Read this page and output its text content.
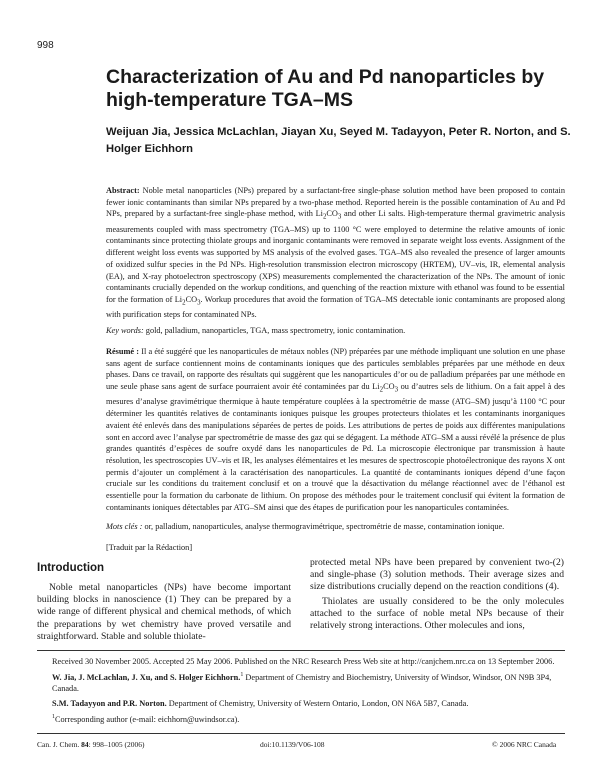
998
Characterization of Au and Pd nanoparticles by high-temperature TGA–MS

Weijuan Jia, Jessica McLachlan, Jiayan Xu, Seyed M. Tadayyon, Peter R. Norton, and S. Holger Eichhorn

Abstract: Noble metal nanoparticles (NPs) prepared by a surfactant-free single-phase solution method have been proposed to contain fewer ionic contaminants than similar NPs prepared by a two-phase method. Reported herein is the possible contamination of Au and Pd NPs, prepared by a surfactant-free single-phase method, with $Li_2CO_3$ and other Li salts. High-temperature thermal gravimetric analysis measurements coupled with mass spectrometry (TGA–MS) up to 1100 °C were employed to determine the relative amounts of ionic contaminants since protecting thiolate groups and inorganic contaminants were removed in separate weight loss events. Assignment of the different weight loss events was supported by MS analysis of the evolved gases. TGA–MS also revealed the presence of larger amounts of oxidized sulfur species in the Pd NPs. High-resolution transmission electron microscopy (HRTEM), UV–vis, IR, elemental analysis (EA), and X-ray photoelectron spectroscopy (XPS) measurements complemented the characterization of the NPs. The amount of ionic contaminants crucially depended on the workup conditions, and quenching of the reaction mixture with ethanol was found to be essential for the formation of $Li_2CO_3$. Workup procedures that avoid the formation of TGA–MS detectable ionic contaminants are proposed along with purification steps for contaminated NPs.

Key words: gold, palladium, nanoparticles, TGA, mass spectrometry, ionic contamination.

Résumé : Il a été suggéré que les nanoparticules de métaux nobles (NP) préparées par une méthode impliquant une solution en une phase sans agent de surface contiennent moins de contaminants ioniques que des particules semblables préparées par une méthode en deux phases. Dans ce travail, on rapporte des résultats qui suggèrent que les nanoparticules d’or ou de palladium préparées par une méthode en une seule phase sans agent de surface pourraient avoir été contaminées par du $Li_2CO_3$ ou d’autres sels de lithium. On a fait appel à des mesures d’analyse gravimétrique thermique à haute température couplées à la spectrométrie de masse (ATG–SM) jusqu’à 1100 °C pour déterminer les quantités relatives de contaminants ioniques puisque les groupes protecteurs thiolates et les contaminants inorganiques avaient été enlevés dans des manipulations séparées de pertes de poids. Les attributions de pertes de poids aux différentes manipulations sont en accord avec l’analyse par spectrométrie de masse des gaz qui se dégagent. La méthode ATG–SM a aussi révélé la présence de plus grandes quantités d’espèces de soufre oxydé dans les nanoparticules de Pd. La microscopie électronique par transmission à haute résolution, les spectroscopies UV–vis et IR, les analyses élémentaires et les mesures de spectroscopie photoélectronique des rayons X ont permis d’ajouter un complément à la caractérisation des nanoparticules. La quantité de contaminants ioniques dépend d’une façon cruciale sur les conditions du traitement conclusif et on a trouvé que la désactivation du mélange réactionnel avec de l’éthanol est essentielle pour la formation du carbonate de lithium. On propose des méthodes pour le traitement conclusif qui évitent la formation de contaminants ioniques détectables par ATG–SM ainsi que des étapes de purification pour les nanoparticules contaminées.

Mots clés : or, palladium, nanoparticules, analyse thermogravimétrique, spectrométrie de masse, contamination ionique.

[Traduit par la Rédaction]

Introduction

Noble metal nanoparticles (NPs) have become important building blocks in nanoscience (1) They can be prepared by a wide range of different physical and chemical methods, of which the preparations by wet chemistry have proved versatile and straightforward. Stable and soluble thiolate-

protected metal NPs have been prepared by convenient two-(2) and single-phase (3) solution methods. Their average sizes and size distributions crucially depend on the reaction conditions (4).

Thiolates are usually considered to be the only molecules attached to the surface of noble metal NPs because of their relatively strong interactions. Other molecules and ions,

Received 30 November 2005. Accepted 25 May 2006. Published on the NRC Research Press Web site at http://canjchem.nrc.ca on 13 September 2006.

W. Jia, J. McLachlan, J. Xu, and S. Holger Eichhorn.$^1$ Department of Chemistry and Biochemistry, University of Windsor, Windsor, ON N9B 3P4, Canada.

S.M. Tadayyon and P.R. Norton. Department of Chemistry, University of Western Ontario, London, ON N6A 5B7, Canada.

$^1$Corresponding author (e-mail: eichhorn@uwindsor.ca).

Can. J. Chem. 84: 998–1005 (2006)	doi:10.1139/V06-108	© 2006 NRC Canada
